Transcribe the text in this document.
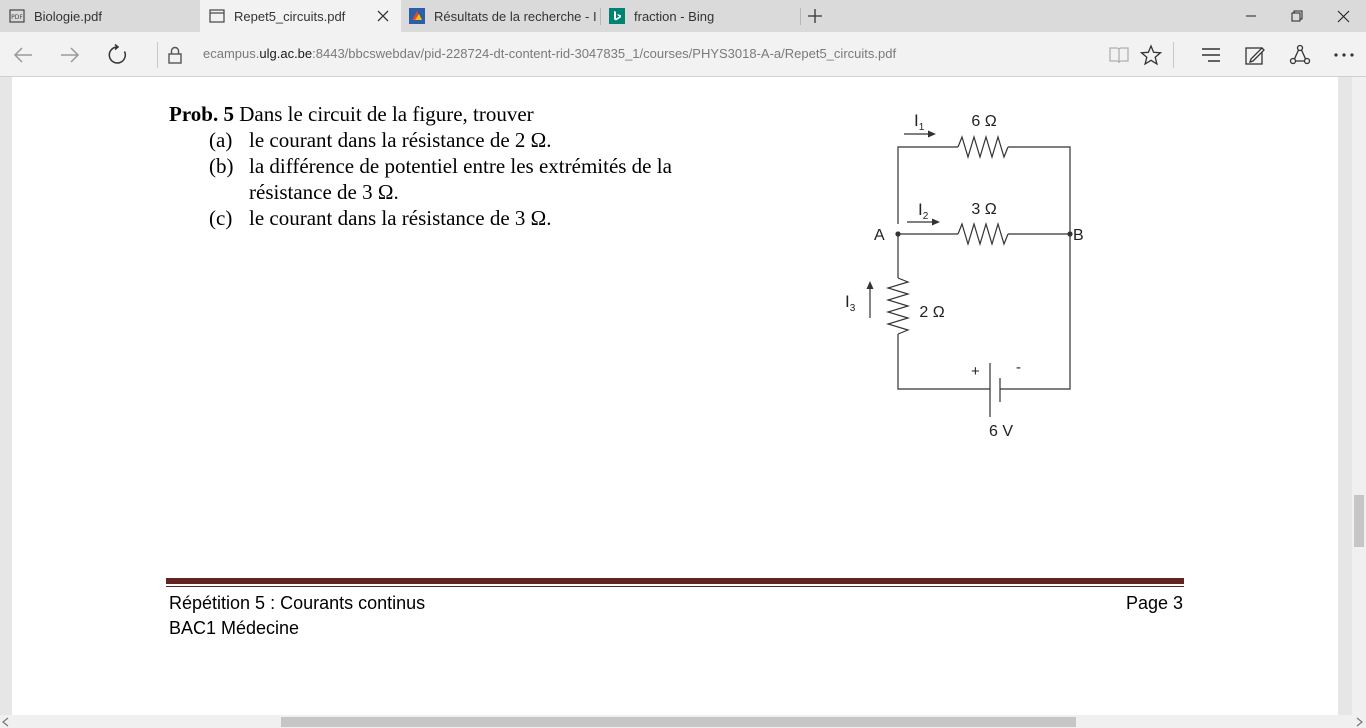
PDF Biologie.pdf	Repet5_circuits.pdf	Résultats de la recherche - I	fraction - Bing
ecampus.ulg.ac.be:8443/bbcswebdav/pid-228724-dt-content-rid-3047835_1/courses/PHYS3018-A-a/Repet5_circuits.pdf
Prob. 5 Dans le circuit de la figure, trouver
(a) le courant dans la résistance de 2 Ω.
(b) la différence de potentiel entre les extrémités de la
résistance de 3 Ω.
(c) le courant dans la résistance de 3 Ω.
$I_1$	6 Ω
$I_2$	3 Ω
A	B
$I_3$	2 Ω
+ -
6 V
Répétition 5 : Courants continus
BAC1 Médecine
Page 3
